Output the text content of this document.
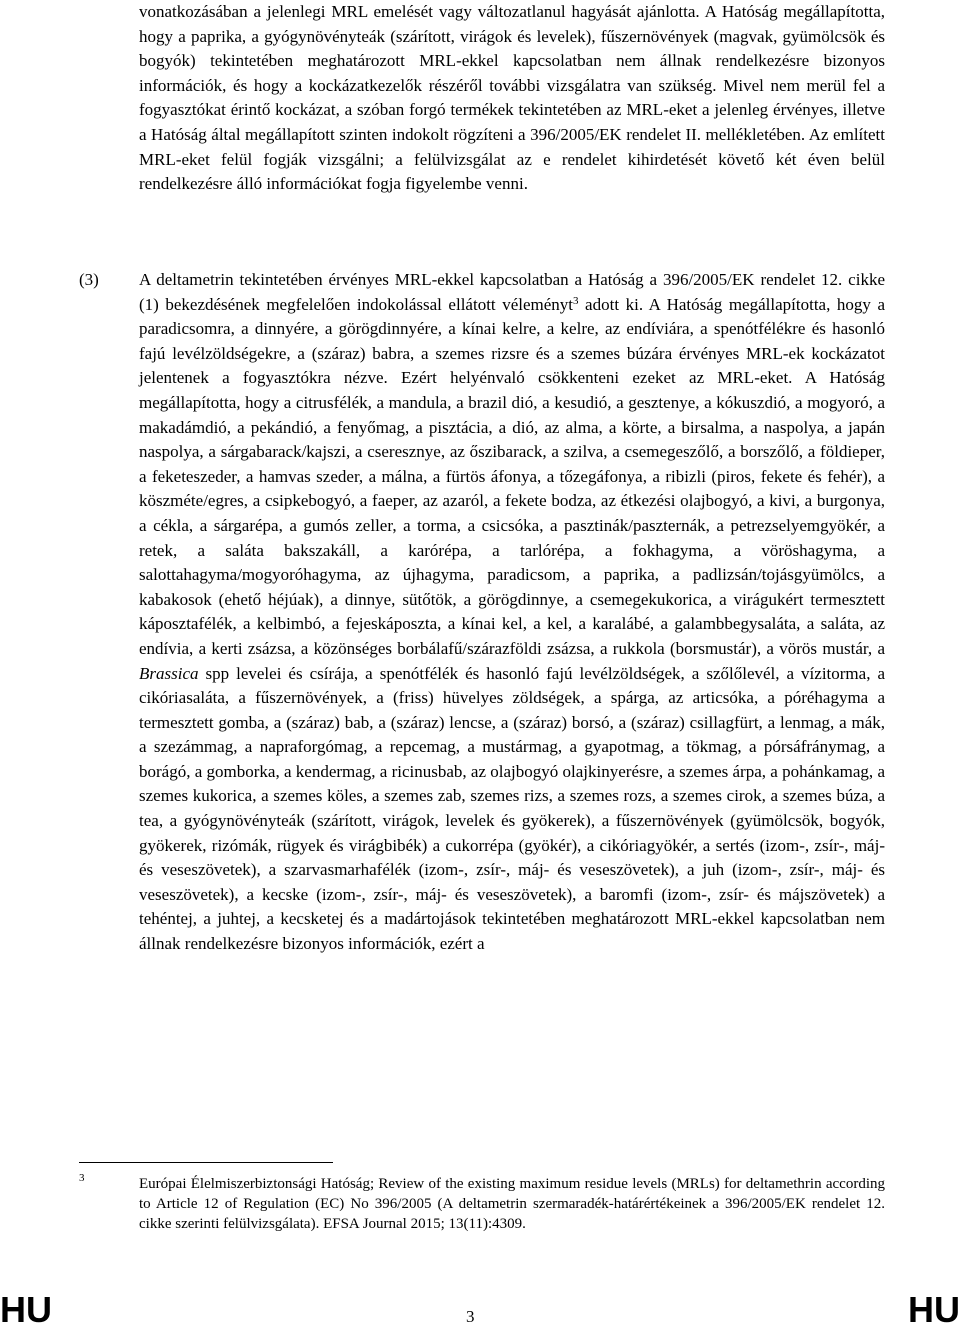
vonatkozásában a jelenlegi MRL emelését vagy változatlanul hagyását ajánlotta. A Hatóság megállapította, hogy a paprika, a gyógynövényteák (szárított, virágok és levelek), fűszernövények (magvak, gyümölcsök és bogyók) tekintetében meghatározott MRL-ekkel kapcsolatban nem állnak rendelkezésre bizonyos információk, és hogy a kockázatkezelők részéről további vizsgálatra van szükség. Mivel nem merül fel a fogyasztókat érintő kockázat, a szóban forgó termékek tekintetében az MRL-eket a jelenleg érvényes, illetve a Hatóság által megállapított szinten indokolt rögzíteni a 396/2005/EK rendelet II. mellékletében. Az említett MRL-eket felül fogják vizsgálni; a felülvizsgálat az e rendelet kihirdetését követő két éven belül rendelkezésre álló információkat fogja figyelembe venni.
(3) A deltametrin tekintetében érvényes MRL-ekkel kapcsolatban a Hatóság a 396/2005/EK rendelet 12. cikke (1) bekezdésének megfelelően indokolással ellátott véleményt$^3$ adott ki. A Hatóság megállapította, hogy a paradicsomra, a dinnyére, a görögdinnyére, a kínai kelre, a kelre, az endíviára, a spenótfélékre és hasonló fajú levélzöldségekre, a (száraz) babra, a szemes rizsre és a szemes búzára érvényes MRL-ek kockázatot jelentenek a fogyasztókra nézve. Ezért helyénvaló csökkenteni ezeket az MRL-eket. A Hatóság megállapította, hogy a citrusfélék, a mandula, a brazil dió, a kesudió, a gesztenye, a kókuszdió, a mogyoró, a makadámdió, a pekándió, a fenyőmag, a pisztácia, a dió, az alma, a körte, a birsalma, a naspolya, a japán naspolya, a sárgabarack/kajszi, a cseresznye, az őszibarack, a szilva, a csemegeszőlő, a borszőlő, a földieper, a feketeszeder, a hamvas szeder, a málna, a fürtös áfonya, a tőzegáfonya, a ribizli (piros, fekete és fehér), a köszméte/egres, a csipkebogyó, a faeper, az azaról, a fekete bodza, az étkezési olajbogyó, a kivi, a burgonya, a cékla, a sárgarépa, a gumós zeller, a torma, a csicsóka, a pasztinák/paszternák, a petrezselyemgyökér, a retek, a saláta bakszakáll, a karórépa, a tarlórépa, a fokhagyma, a vöröshagyma, a salottahagyma/mogyoróhagyma, az újhagyma, paradicsom, a paprika, a padlizsán/tojásgyümölcs, a kabakosok (ehető héjúak), a dinnye, sütőtök, a görögdinnye, a csemegekukorica, a virágukért termesztett káposztafélék, a kelbimbó, a fejeskáposzta, a kínai kel, a kel, a karalábé, a galambbegysaláta, a saláta, az endívia, a kerti zsázsa, a közönséges borbálafű/szárazföldi zsázsa, a rukkola (borsmustár), a vörös mustár, a Brassica spp levelei és csírája, a spenótfélék és hasonló fajú levélzöldségek, a szőlőlevél, a vízitorma, a cikóriasaláta, a fűszernövények, a (friss) hüvelyes zöldségek, a spárga, az articsóka, a póréhagyma a termesztett gomba, a (száraz) bab, a (száraz) lencse, a (száraz) borsó, a (száraz) csillagfürt, a lenmag, a mák, a szezámmag, a napraforgómag, a repcemag, a mustármag, a gyapotmag, a tökmag, a pórsáfránymag, a borágó, a gomborka, a kendermag, a ricinusbab, az olajbogyó olajkinyerésre, a szemes árpa, a pohánkamag, a szemes kukorica, a szemes köles, a szemes zab, szemes rizs, a szemes rozs, a szemes cirok, a szemes búza, a tea, a gyógynövényteák (szárított, virágok, levelek és gyökerek), a fűszernövények (gyümölcsök, bogyók, gyökerek, rizómák, rügyek és virágbibék) a cukorrépa (gyökér), a cikóriagyökér, a sertés (izom-, zsír-, máj- és veseszövetek), a szarvasmarhafélék (izom-, zsír-, máj- és veseszövetek), a juh (izom-, zsír-, máj- és veseszövetek), a kecske (izom-, zsír-, máj- és veseszövetek), a baromfi (izom-, zsír- és májszövetek) a tehéntej, a juhtej, a kecsketej és a madártojások tekintetében meghatározott MRL-ekkel kapcsolatban nem állnak rendelkezésre bizonyos információk, ezért a
3	Európai Élelmiszerbiztonsági Hatóság; Review of the existing maximum residue levels (MRLs) for deltamethrin according to Article 12 of Regulation (EC) No 396/2005 (A deltametrin szermaradék-határértékeinek a 396/2005/EK rendelet 12. cikke szerinti felülvizsgálata). EFSA Journal 2015; 13(11):4309.
HU	3	HU
